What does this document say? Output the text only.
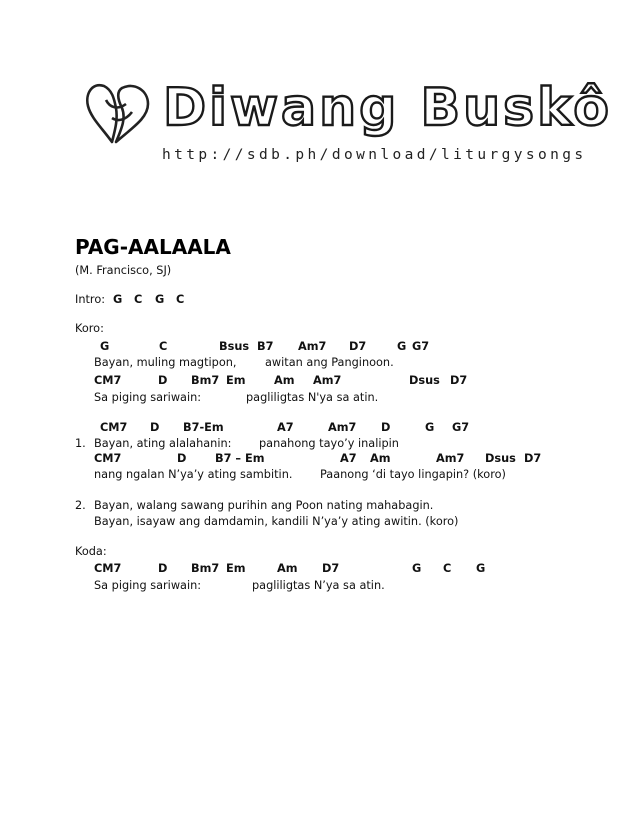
Diwang Buskô
http://sdb.ph/download/liturgysongs
PAG-AALAALA
(M. Francisco, SJ)
Intro: G C G C
Koro:
G	C	Bsus B7 Am7 D7	G G7
Bayan, muling magtipon,	awitan ang Panginoon.
CM7	D Bm7 Em	Am Am7	Dsus D7
Sa piging sariwain:	pagliligtas N'ya sa atin.
CM7 D B7-Em	A7	Am7 D	G G7
1. Bayan, ating alalahanin: panahong tayo’y inalipin
CM7	D	B7 – Em	A7 Am	Am7 Dsus D7
nang ngalan N’ya’y ating sambitin. Paanong ‘di tayo lingapin? (koro)
2. Bayan, walang sawang purihin ang Poon nating mahabagin.
Bayan, isayaw ang damdamin, kandili N’ya’y ating awitin. (koro)
Koda:
CM7	D Bm7 Em	Am D7	G C G
Sa piging sariwain:	pagliligtas N’ya sa atin.
